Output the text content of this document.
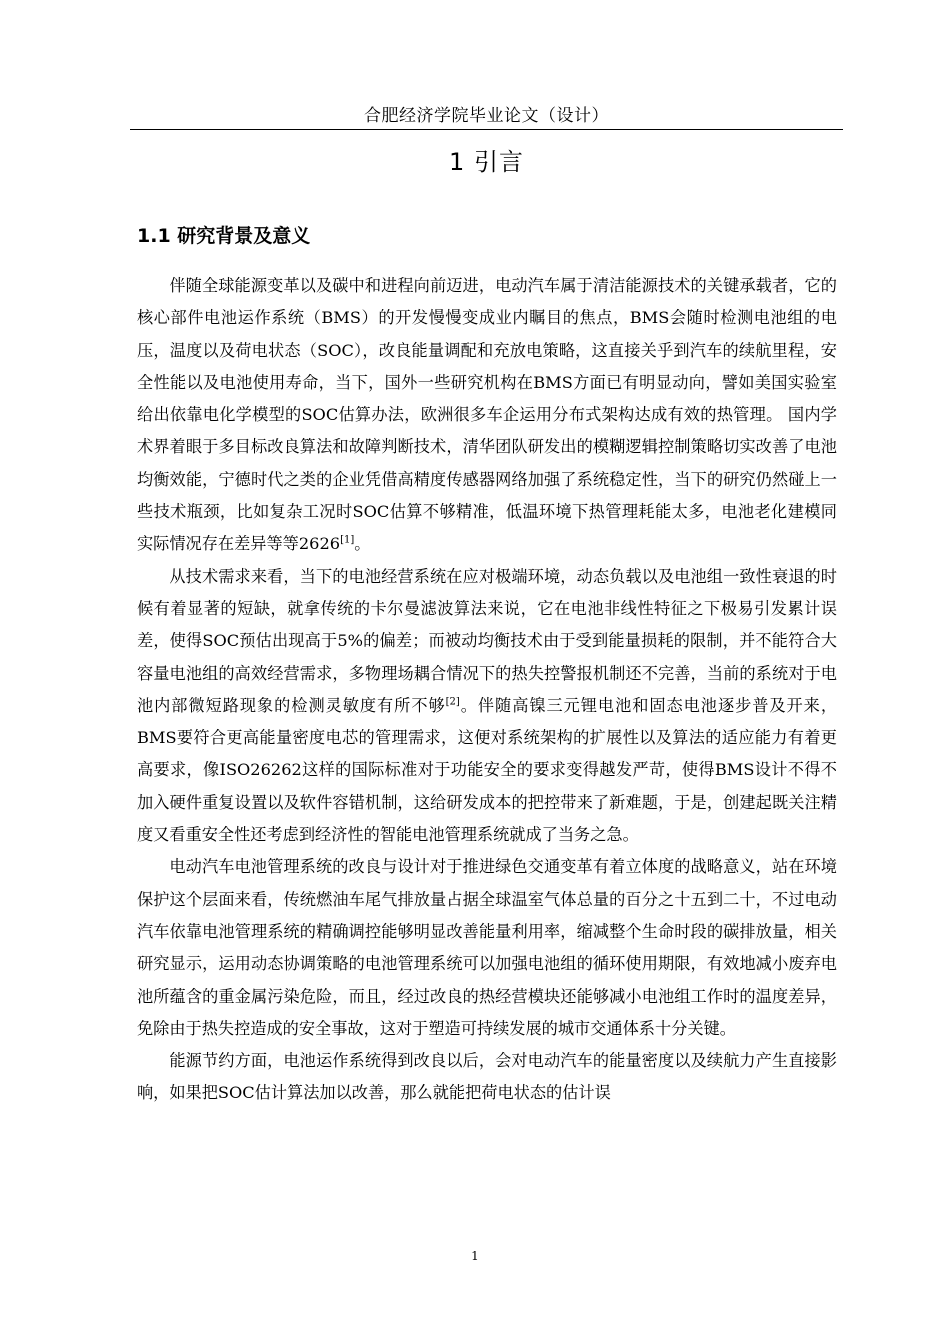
合肥经济学院毕业论文（设计）
1 引言
1.1 研究背景及意义

伴随全球能源变革以及碳中和进程向前迈进，电动汽车属于清洁能源技术的关键承载者，它的核心部件电池运作系统（BMS）的开发慢慢变成业内瞩目的焦点，BMS会随时检测电池组的电压，温度以及荷电状态（SOC），改良能量调配和充放电策略，这直接关乎到汽车的续航里程，安全性能以及电池使用寿命，当下，国外一些研究机构在BMS方面已有明显动向，譬如美国实验室给出依靠电化学模型的SOC估算办法，欧洲很多车企运用分布式架构达成有效的热管理。 国内学术界着眼于多目标改良算法和故障判断技术，清华团队研发出的模糊逻辑控制策略切实改善了电池均衡效能，宁德时代之类的企业凭借高精度传感器网络加强了系统稳定性，当下的研究仍然碰上一些技术瓶颈，比如复杂工况时SOC估算不够精准，低温环境下热管理耗能太多，电池老化建模同实际情况存在差异等等2626[1]。

从技术需求来看，当下的电池经营系统在应对极端环境，动态负载以及电池组一致性衰退的时候有着显著的短缺，就拿传统的卡尔曼滤波算法来说，它在电池非线性特征之下极易引发累计误差，使得SOC预估出现高于5%的偏差；而被动均衡技术由于受到能量损耗的限制，并不能符合大容量电池组的高效经营需求，多物理场耦合情况下的热失控警报机制还不完善，当前的系统对于电池内部微短路现象的检测灵敏度有所不够[2]。伴随高镍三元锂电池和固态电池逐步普及开来，BMS要符合更高能量密度电芯的管理需求，这便对系统架构的扩展性以及算法的适应能力有着更高要求，像ISO26262这样的国际标准对于功能安全的要求变得越发严苛，使得BMS设计不得不加入硬件重复设置以及软件容错机制，这给研发成本的把控带来了新难题，于是，创建起既关注精度又看重安全性还考虑到经济性的智能电池管理系统就成了当务之急。

电动汽车电池管理系统的改良与设计对于推进绿色交通变革有着立体度的战略意义，站在环境保护这个层面来看，传统燃油车尾气排放量占据全球温室气体总量的百分之十五到二十，不过电动汽车依靠电池管理系统的精确调控能够明显改善能量利用率，缩减整个生命时段的碳排放量，相关研究显示，运用动态协调策略的电池管理系统可以加强电池组的循环使用期限，有效地减小废弃电池所蕴含的重金属污染危险，而且，经过改良的热经营模块还能够减小电池组工作时的温度差异，免除由于热失控造成的安全事故，这对于塑造可持续发展的城市交通体系十分关键。

能源节约方面，电池运作系统得到改良以后，会对电动汽车的能量密度以及续航力产生直接影响，如果把SOC估计算法加以改善，那么就能把荷电状态的估计误

1
